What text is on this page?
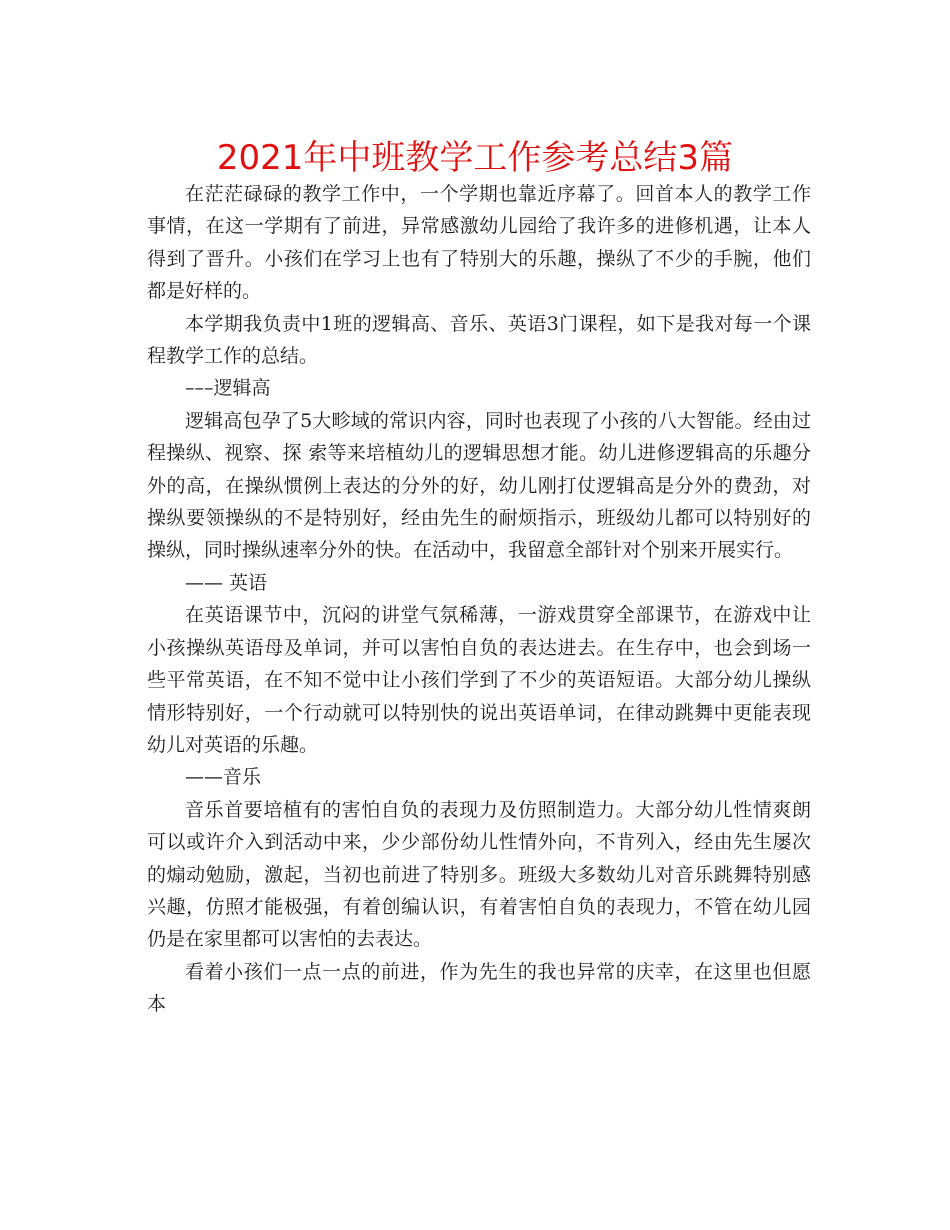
2021年中班教学工作参考总结3篇

在茫茫碌碌的教学工作中，一个学期也靠近序幕了。回首本人的教学工作事情，在这一学期有了前进，异常感激幼儿园给了我许多的进修机遇，让本人得到了晋升。小孩们在学习上也有了特别大的乐趣，操纵了不少的手腕，他们都是好样的。

本学期我负责中1班的逻辑高、音乐、英语3门课程，如下是我对每一个课程教学工作的总结。

–––逻辑高

逻辑高包孕了5大畛域的常识内容，同时也表现了小孩的八大智能。经由过程操纵、视察、探 索等来培植幼儿的逻辑思想才能。幼儿进修逻辑高的乐趣分外的高，在操纵惯例上表达的分外的好，幼儿刚打仗逻辑高是分外的费劲，对操纵要领操纵的不是特别好，经由先生的耐烦指示，班级幼儿都可以特别好的操纵，同时操纵速率分外的快。在活动中，我留意全部针对个别来开展实行。

—— 英语

在英语课节中，沉闷的讲堂气氛稀薄，一游戏贯穿全部课节，在游戏中让小孩操纵英语母及单词，并可以害怕自负的表达进去。在生存中，也会到场一些平常英语，在不知不觉中让小孩们学到了不少的英语短语。大部分幼儿操纵情形特别好，一个行动就可以特别快的说出英语单词，在律动跳舞中更能表现幼儿对英语的乐趣。

——音乐

音乐首要培植有的害怕自负的表现力及仿照制造力。大部分幼儿性情爽朗可以或许介入到活动中来，少少部份幼儿性情外向，不肯列入，经由先生屡次的煽动勉励，激起，当初也前进了特别多。班级大多数幼儿对音乐跳舞特别感兴趣，仿照才能极强，有着创编认识，有着害怕自负的表现力，不管在幼儿园仍是在家里都可以害怕的去表达。

看着小孩们一点一点的前进，作为先生的我也异常的庆幸，在这里也但愿本
